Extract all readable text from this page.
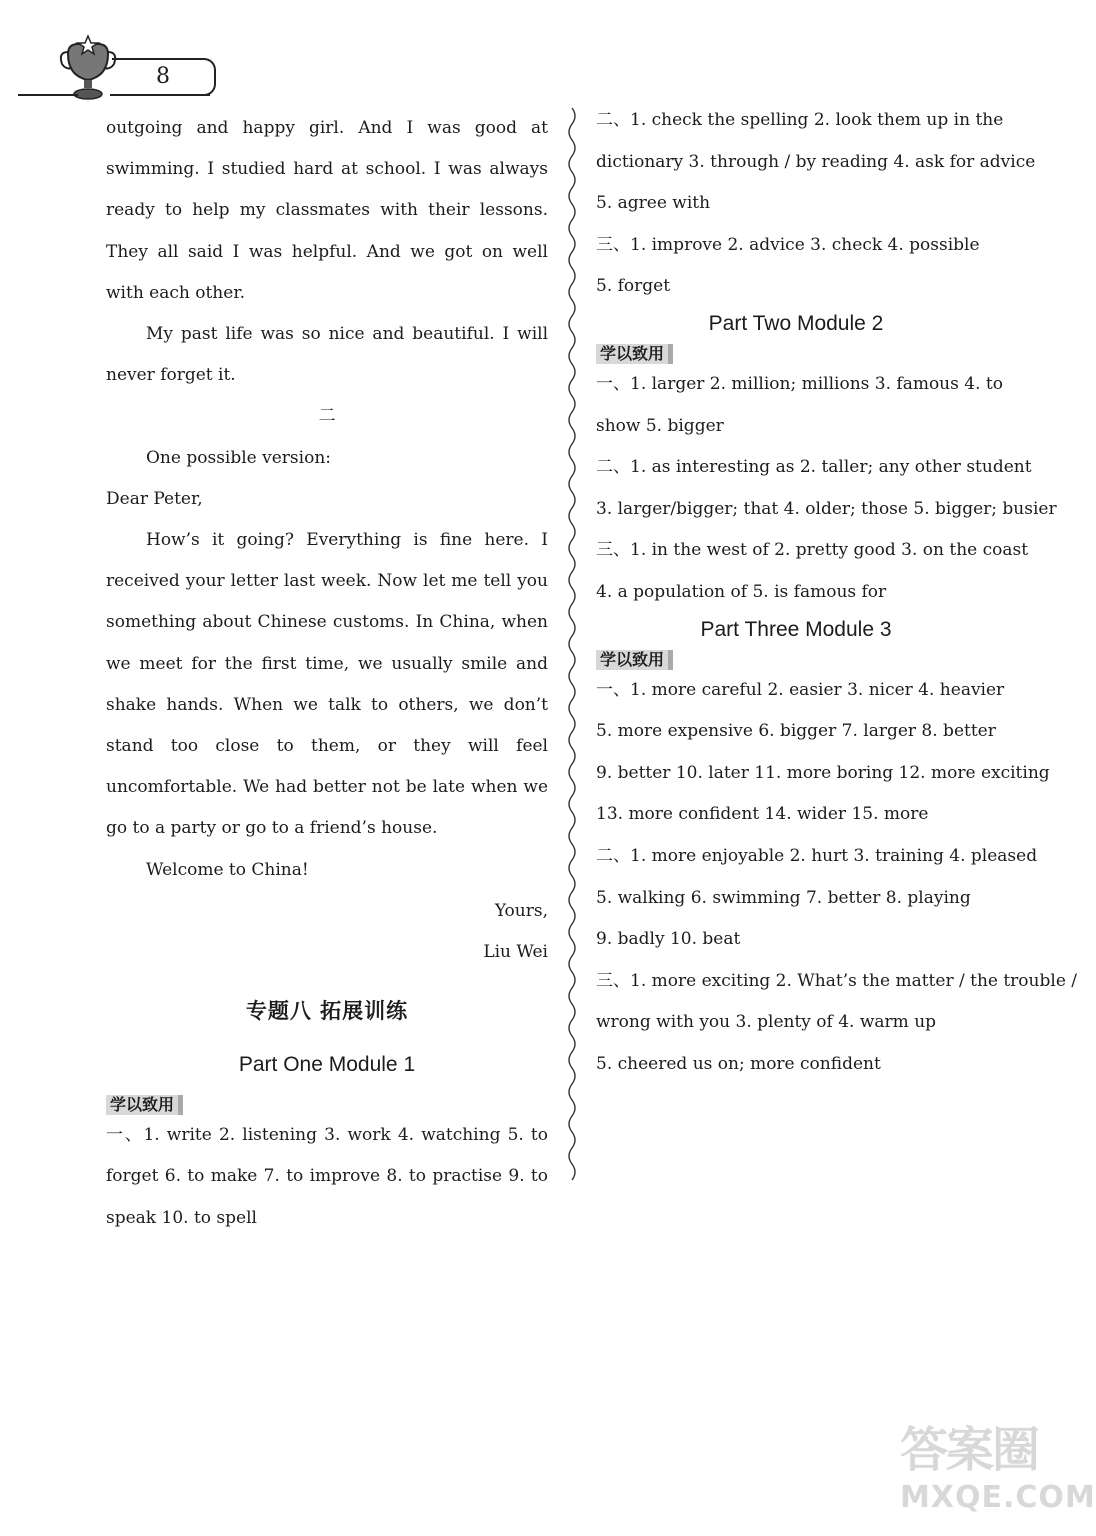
8

outgoing and happy girl. And I was good at swimming. I studied hard at school. I was always ready to help my classmates with their lessons. They all said I was helpful. And we got on well with each other.

My past life was so nice and beautiful. I will never forget it.

二

One possible version:

Dear Peter,

How’s it going? Everything is fine here. I received your letter last week. Now let me tell you something about Chinese customs. In China, when we meet for the first time, we usually smile and shake hands. When we talk to others, we don’t stand too close to them, or they will feel uncomfortable. We had better not be late when we go to a party or go to a friend’s house.

Welcome to China!

Yours,

Liu Wei

专题八 拓展训练

Part One Module 1

学以致用

一、1. write 2. listening 3. work 4. watching 5. to forget 6. to make 7. to improve 8. to practise 9. to speak 10. to spell

二、1. check the spelling 2. look them up in the

dictionary 3. through / by reading 4. ask for advice

5. agree with

三、1. improve 2. advice 3. check 4. possible

5. forget

Part Two Module 2

学以致用

一、1. larger 2. million; millions 3. famous 4. to

show 5. bigger

二、1. as interesting as 2. taller; any other student

3. larger/bigger; that 4. older; those 5. bigger; busier

三、1. in the west of 2. pretty good 3. on the coast

4. a population of 5. is famous for

Part Three Module 3

学以致用

一、1. more careful 2. easier 3. nicer 4. heavier

5. more expensive 6. bigger 7. larger 8. better

9. better 10. later 11. more boring 12. more exciting

13. more confident 14. wider 15. more

二、1. more enjoyable 2. hurt 3. training 4. pleased

5. walking 6. swimming 7. better 8. playing

9. badly 10. beat

三、1. more exciting 2. What’s the matter / the trouble /

wrong with you 3. plenty of 4. warm up

5. cheered us on; more confident

答案圈
MXQE.COM
